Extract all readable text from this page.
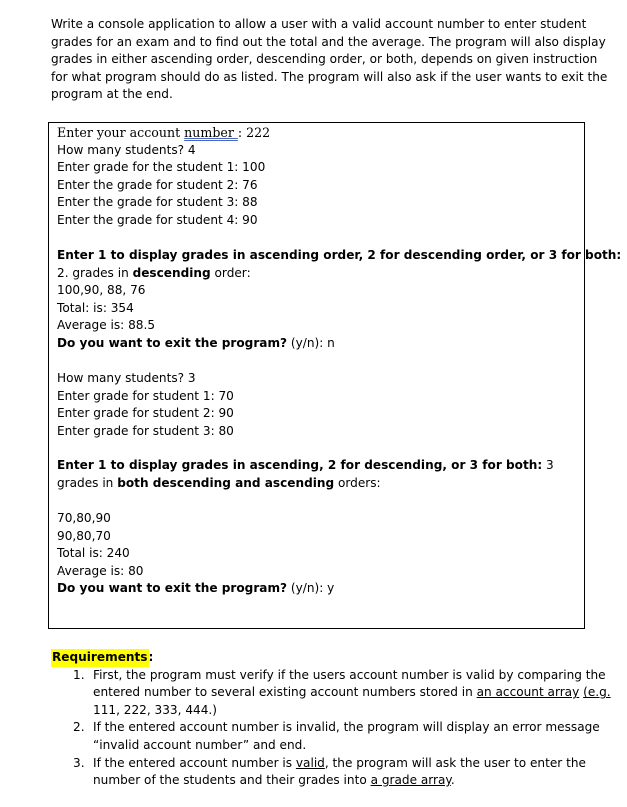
Write a console application to allow a user with a valid account number to enter student grades for an exam and to find out the total and the average. The program will also display grades in either ascending order, descending order, or both, depends on given instruction for what program should do as listed. The program will also ask if the user wants to exit the program at the end.
Enter your account number : 222
How many students? 4
Enter grade for the student 1: 100
Enter the grade for student 2: 76
Enter the grade for student 3: 88
Enter the grade for student 4: 90
Enter 1 to display grades in ascending order, 2 for descending order, or 3 for both:
2. grades in descending order:
100,90, 88, 76
Total: is: 354
Average is: 88.5
Do you want to exit the program? (y/n): n
How many students? 3
Enter grade for student 1: 70
Enter grade for student 2: 90
Enter grade for student 3: 80
Enter 1 to display grades in ascending, 2 for descending, or 3 for both: 3 grades in both descending and ascending orders:
70,80,90
90,80,70
Total is: 240
Average is: 80
Do you want to exit the program? (y/n): y
Requirements:
1. First, the program must verify if the users account number is valid by comparing the entered number to several existing account numbers stored in an account array (e.g. 111, 222, 333, 444.)
2. If the entered account number is invalid, the program will display an error message “invalid account number” and end.
3. If the entered account number is valid, the program will ask the user to enter the number of the students and their grades into a grade array.
